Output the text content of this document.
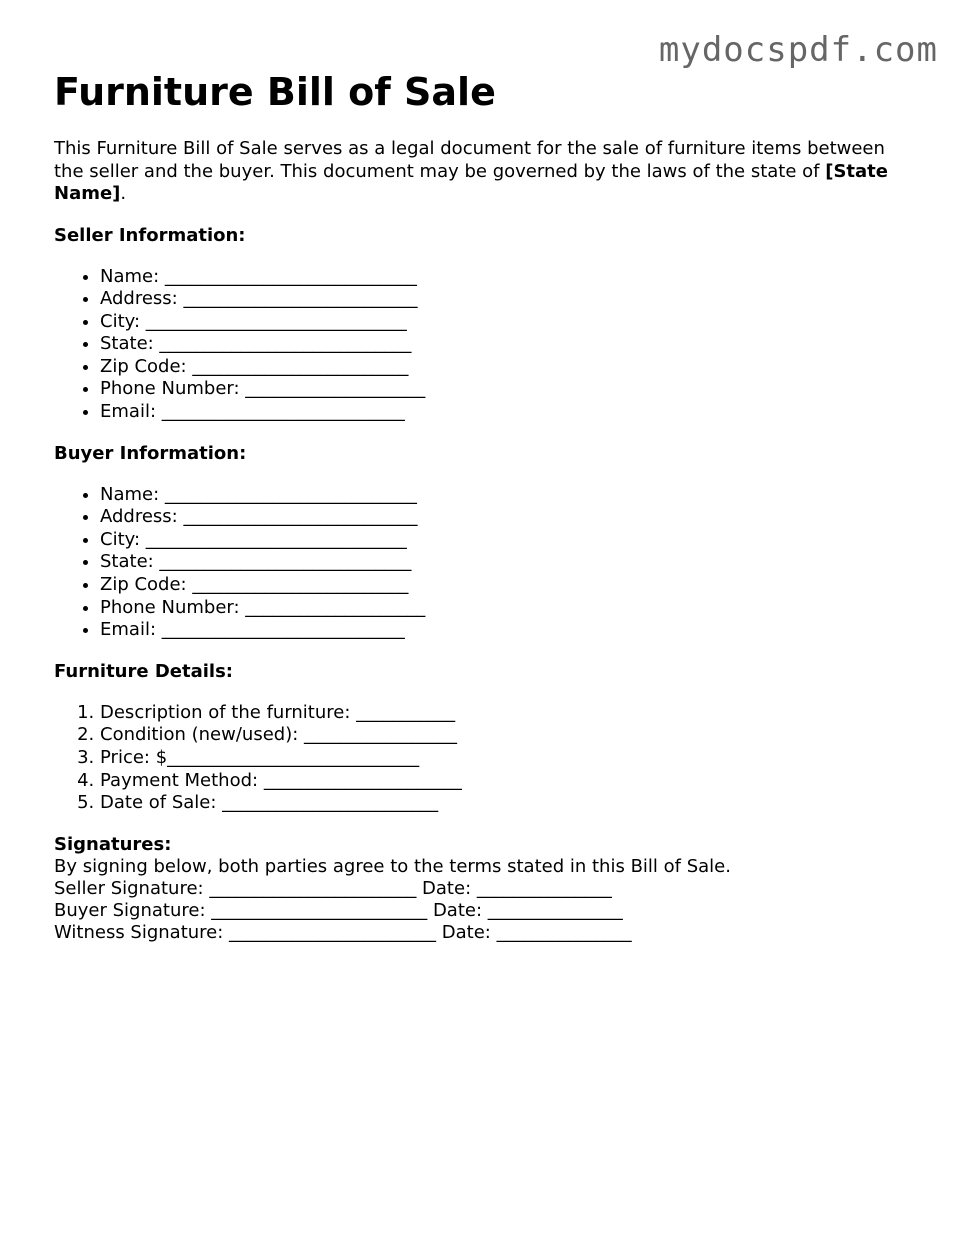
mydocspdf.com
Furniture Bill of Sale

This Furniture Bill of Sale serves as a legal document for the sale of furniture items between the seller and the buyer. This document may be governed by the laws of the state of [State Name].

Seller Information:
• Name: ____________________________
• Address: __________________________
• City: _____________________________
• State: ____________________________
• Zip Code: ________________________
• Phone Number: ____________________
• Email: ___________________________
Buyer Information:
• Name: ____________________________
• Address: __________________________
• City: _____________________________
• State: ____________________________
• Zip Code: ________________________
• Phone Number: ____________________
• Email: ___________________________
Furniture Details:
1. Description of the furniture: ___________
2. Condition (new/used): _________________
3. Price: $____________________________
4. Payment Method: ______________________
5. Date of Sale: ________________________
Signatures:

By signing below, both parties agree to the terms stated in this Bill of Sale.

Seller Signature: _______________________ Date: _______________

Buyer Signature: ________________________ Date: _______________

Witness Signature: _______________________ Date: _______________
